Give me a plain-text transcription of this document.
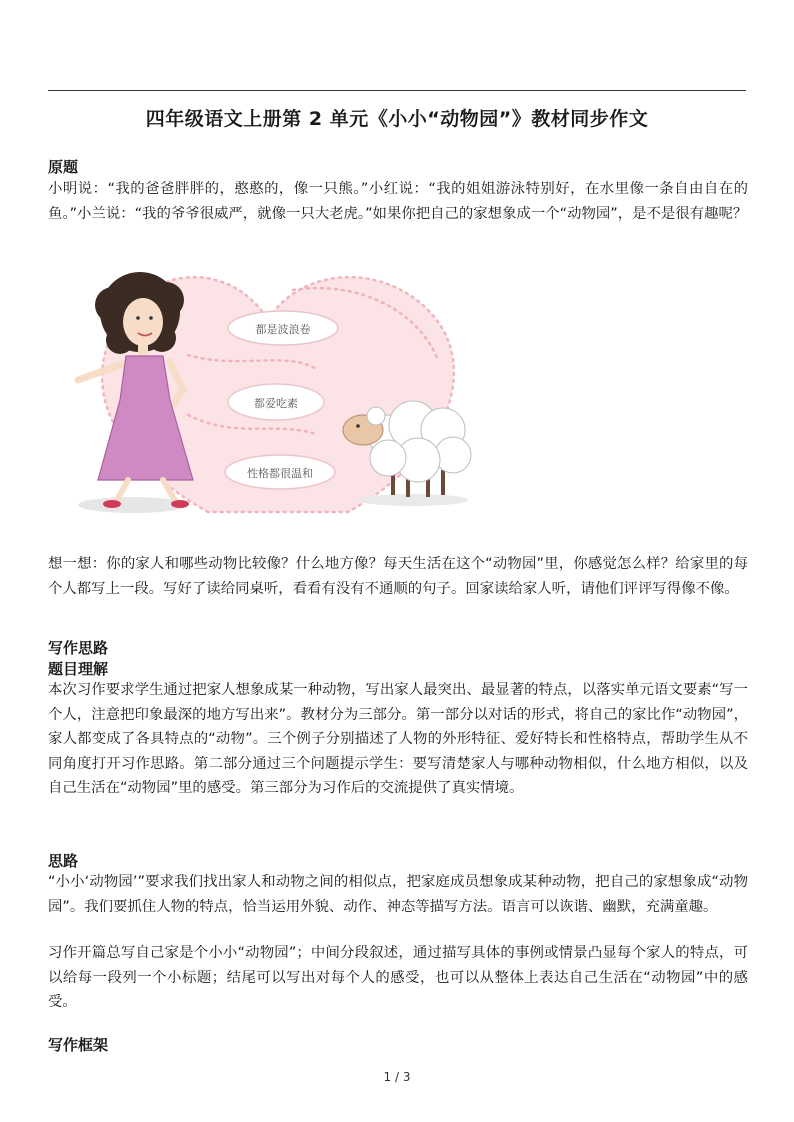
四年级语文上册第 2 单元《小小“动物园”》教材同步作文
原题

小明说：“我的爸爸胖胖的，憨憨的，像一只熊。”小红说：“我的姐姐游泳特别好，在水里像一条自由自在的鱼。”小兰说：“我的爷爷很威严，就像一只大老虎。”如果你把自己的家想象成一个“动物园”，是不是很有趣呢？

都是波浪卷
都爱吃素
性格都很温和

想一想：你的家人和哪些动物比较像？什么地方像？每天生活在这个“动物园”里，你感觉怎么样？给家里的每个人都写上一段。写好了读给同桌听，看看有没有不通顺的句子。回家读给家人听，请他们评评写得像不像。

写作思路
题目理解

本次习作要求学生通过把家人想象成某一种动物，写出家人最突出、最显著的特点，以落实单元语文要素“写一个人，注意把印象最深的地方写出来”。教材分为三部分。第一部分以对话的形式，将自己的家比作“动物园”，家人都变成了各具特点的“动物”。三个例子分别描述了人物的外形特征、爱好特长和性格特点，帮助学生从不同角度打开习作思路。第二部分通过三个问题提示学生：要写清楚家人与哪种动物相似，什么地方相似，以及自己生活在“动物园”里的感受。第三部分为习作后的交流提供了真实情境。

思路

“小小‘动物园’”要求我们找出家人和动物之间的相似点，把家庭成员想象成某种动物，把自己的家想象成“动物园”。我们要抓住人物的特点，恰当运用外貌、动作、神态等描写方法。语言可以诙谐、幽默，充满童趣。

习作开篇总写自己家是个小小“动物园”；中间分段叙述，通过描写具体的事例或情景凸显每个家人的特点，可以给每一段列一个小标题；结尾可以写出对每个人的感受，也可以从整体上表达自己生活在“动物园”中的感受。

写作框架
1 / 3
